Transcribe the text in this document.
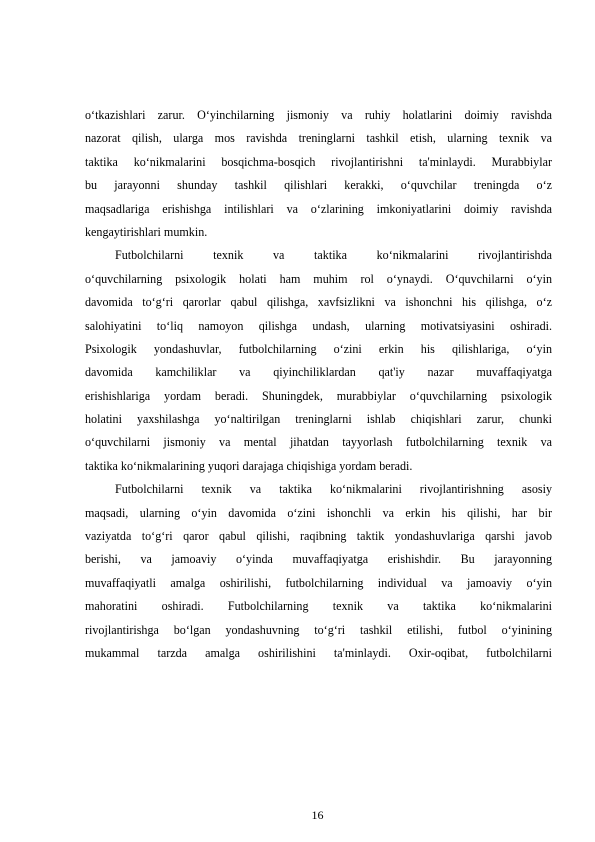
o‘tkazishlari zarur. O‘yinchilarning jismoniy va ruhiy holatlarini doimiy ravishda
nazorat qilish, ularga mos ravishda treninglarni tashkil etish, ularning texnik va
taktika ko‘nikmalarini bosqichma-bosqich rivojlantirishni ta'minlaydi. Murabbiylar
bu jarayonni shunday tashkil qilishlari kerakki, o‘quvchilar treningda o‘z
maqsadlariga erishishga intilishlari va o‘zlarining imkoniyatlarini doimiy ravishda
kengaytirishlari mumkin.
Futbolchilarni texnik va taktika ko‘nikmalarini rivojlantirishda
o‘quvchilarning psixologik holati ham muhim rol o‘ynaydi. O‘quvchilarni o‘yin
davomida to‘g‘ri qarorlar qabul qilishga, xavfsizlikni va ishonchni his qilishga, o‘z
salohiyatini to‘liq namoyon qilishga undash, ularning motivatsiyasini oshiradi.
Psixologik yondashuvlar, futbolchilarning o‘zini erkin his qilishlariga, o‘yin
davomida kamchiliklar va qiyinchiliklardan qat'iy nazar muvaffaqiyatga
erishishlariga yordam beradi. Shuningdek, murabbiylar o‘quvchilarning psixologik
holatini yaxshilashga yo‘naltirilgan treninglarni ishlab chiqishlari zarur, chunki
o‘quvchilarni jismoniy va mental jihatdan tayyorlash futbolchilarning texnik va
taktika ko‘nikmalarining yuqori darajaga chiqishiga yordam beradi.
Futbolchilarni texnik va taktika ko‘nikmalarini rivojlantirishning asosiy
maqsadi, ularning o‘yin davomida o‘zini ishonchli va erkin his qilishi, har bir
vaziyatda to‘g‘ri qaror qabul qilishi, raqibning taktik yondashuvlariga qarshi javob
berishi, va jamoaviy o‘yinda muvaffaqiyatga erishishdir. Bu jarayonning
muvaffaqiyatli amalga oshirilishi, futbolchilarning individual va jamoaviy o‘yin
mahoratini oshiradi. Futbolchilarning texnik va taktika ko‘nikmalarini
rivojlantirishga bo‘lgan yondashuvning to‘g‘ri tashkil etilishi, futbol o‘yinining
mukammal tarzda amalga oshirilishini ta'minlaydi. Oxir-oqibat, futbolchilarni
16
